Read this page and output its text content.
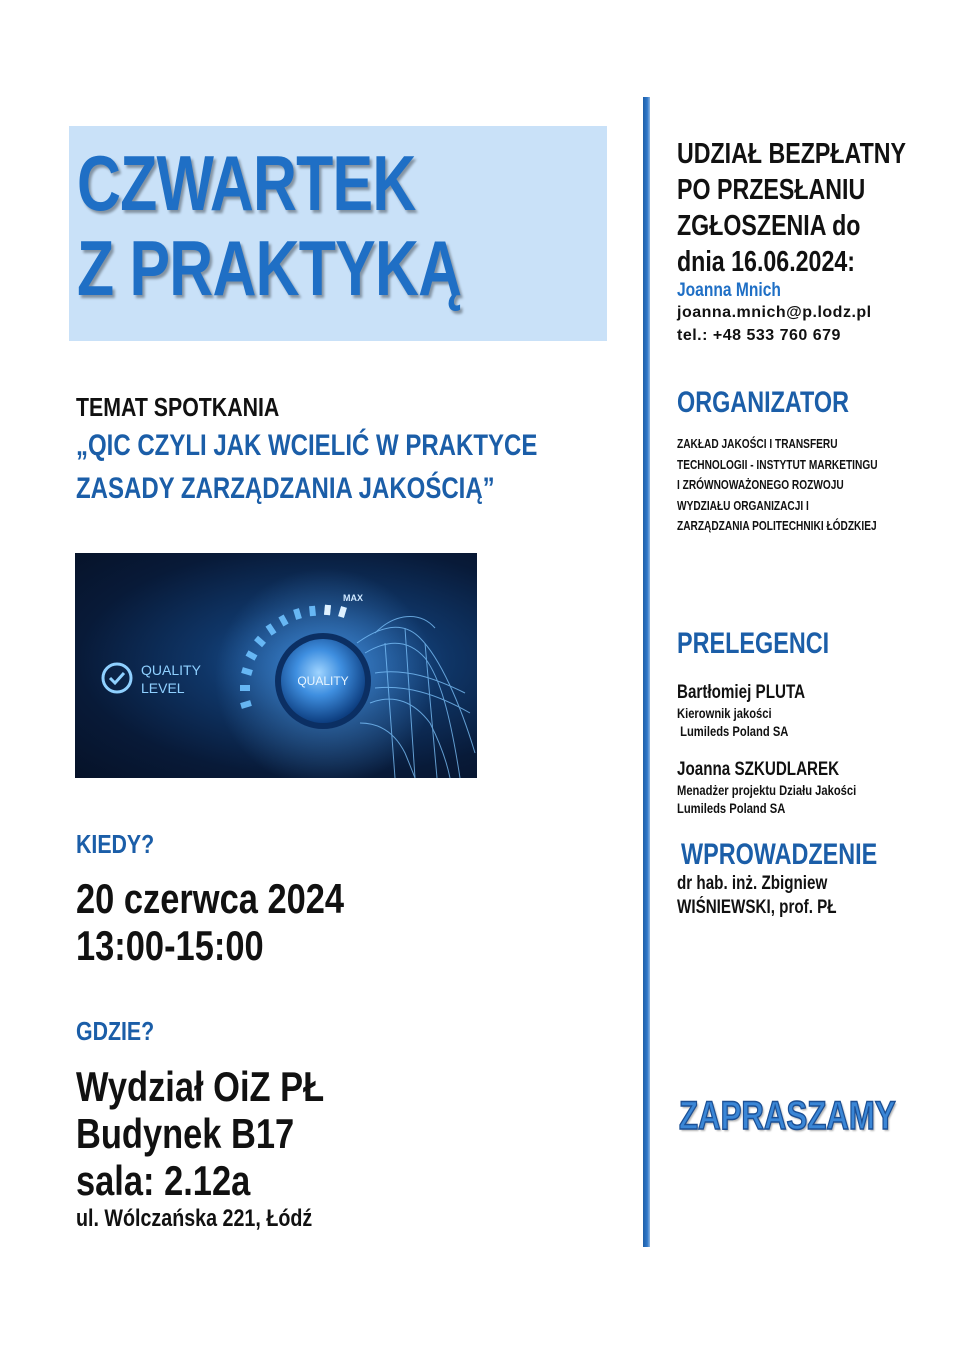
CZWARTEK
Z PRAKTYKĄ
TEMAT SPOTKANIA
„QIC CZYLI JAK WCIELIĆ W PRAKTYCE
ZASADY ZARZĄDZANIA JAKOŚCIĄ”
MAX
QUALITY
QUALITY
LEVEL
KIEDY?
20 czerwca 2024
13:00-15:00
GDZIE?
Wydział OiZ PŁ
Budynek B17
sala: 2.12a
ul. Wólczańska 221, Łódź
UDZIAŁ BEZPŁATNY
PO PRZESŁANIU
ZGŁOSZENIA do
dnia 16.06.2024:
Joanna Mnich
joanna.mnich@p.lodz.pl
tel.: +48 533 760 679
ORGANIZATOR
ZAKŁAD JAKOŚCI I TRANSFERU
TECHNOLOGII - INSTYTUT MARKETINGU
I ZRÓWNOWAŻONEGO ROZWOJU
WYDZIAŁU ORGANIZACJI I
ZARZĄDZANIA POLITECHNIKI ŁÓDZKIEJ
PRELEGENCI
Bartłomiej PLUTA
Kierownik jakości
Lumileds Poland SA
Joanna SZKUDLAREK
Menadżer projektu Działu Jakości
Lumileds Poland SA
WPROWADZENIE
dr hab. inż. Zbigniew
WIŚNIEWSKI, prof. PŁ
ZAPRASZAMY
